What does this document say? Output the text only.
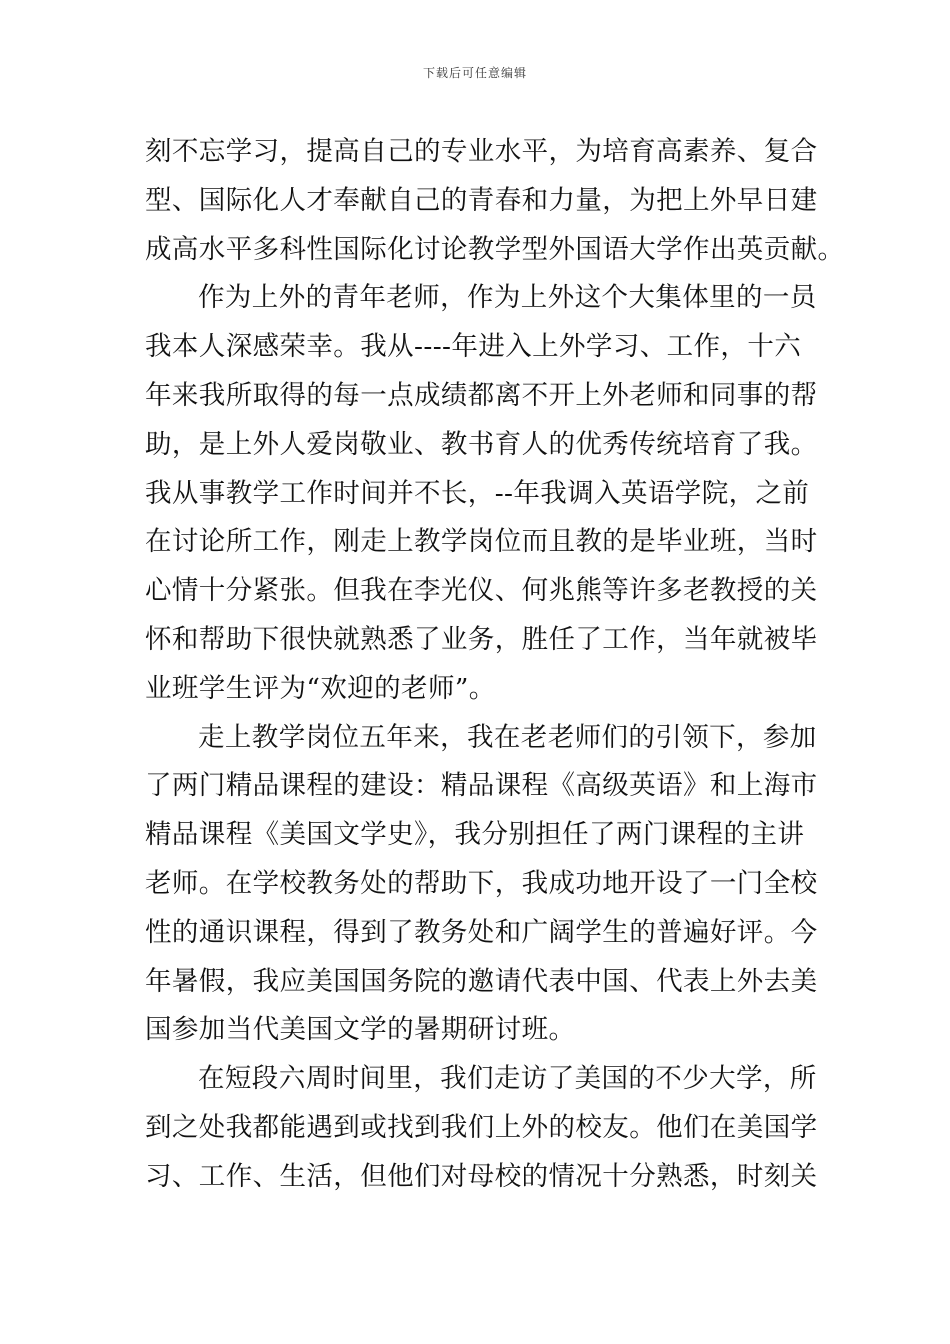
下载后可任意编辑
刻不忘学习，提高自己的专业水平，为培育高素养、复合
型、国际化人才奉献自己的青春和力量，为把上外早日建
成高水平多科性国际化讨论教学型外国语大学作出英贡献。
作为上外的青年老师，作为上外这个大集体里的一员
我本人深感荣幸。我从----年进入上外学习、工作，十六
年来我所取得的每一点成绩都离不开上外老师和同事的帮
助，是上外人爱岗敬业、教书育人的优秀传统培育了我。
我从事教学工作时间并不长，--年我调入英语学院，之前
在讨论所工作，刚走上教学岗位而且教的是毕业班，当时
心情十分紧张。但我在李光仪、何兆熊等许多老教授的关
怀和帮助下很快就熟悉了业务，胜任了工作，当年就被毕
业班学生评为“欢迎的老师”。
走上教学岗位五年来，我在老老师们的引领下，参加
了两门精品课程的建设：精品课程《高级英语》和上海市
精品课程《美国文学史》，我分别担任了两门课程的主讲
老师。在学校教务处的帮助下，我成功地开设了一门全校
性的通识课程，得到了教务处和广阔学生的普遍好评。今
年暑假，我应美国国务院的邀请代表中国、代表上外去美
国参加当代美国文学的暑期研讨班。
在短段六周时间里，我们走访了美国的不少大学，所
到之处我都能遇到或找到我们上外的校友。他们在美国学
习、工作、生活，但他们对母校的情况十分熟悉，时刻关
